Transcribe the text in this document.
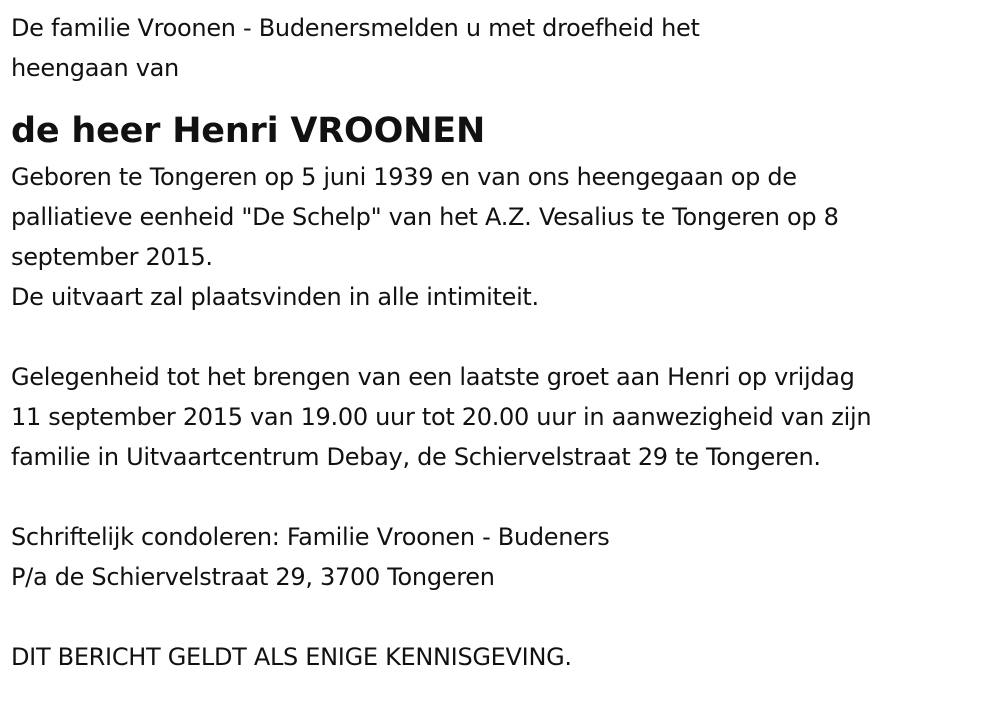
De familie Vroonen - Budenersmelden u met droefheid het
heengaan van
de heer Henri VROONEN
Geboren te Tongeren op 5 juni 1939 en van ons heengegaan op de
palliatieve eenheid "De Schelp" van het A.Z. Vesalius te Tongeren op 8
september 2015.
De uitvaart zal plaatsvinden in alle intimiteit.
Gelegenheid tot het brengen van een laatste groet aan Henri op vrijdag
11 september 2015 van 19.00 uur tot 20.00 uur in aanwezigheid van zijn
familie in Uitvaartcentrum Debay, de Schiervelstraat 29 te Tongeren.
Schriftelijk condoleren: Familie Vroonen - Budeners
P/a de Schiervelstraat 29, 3700 Tongeren
DIT BERICHT GELDT ALS ENIGE KENNISGEVING.
